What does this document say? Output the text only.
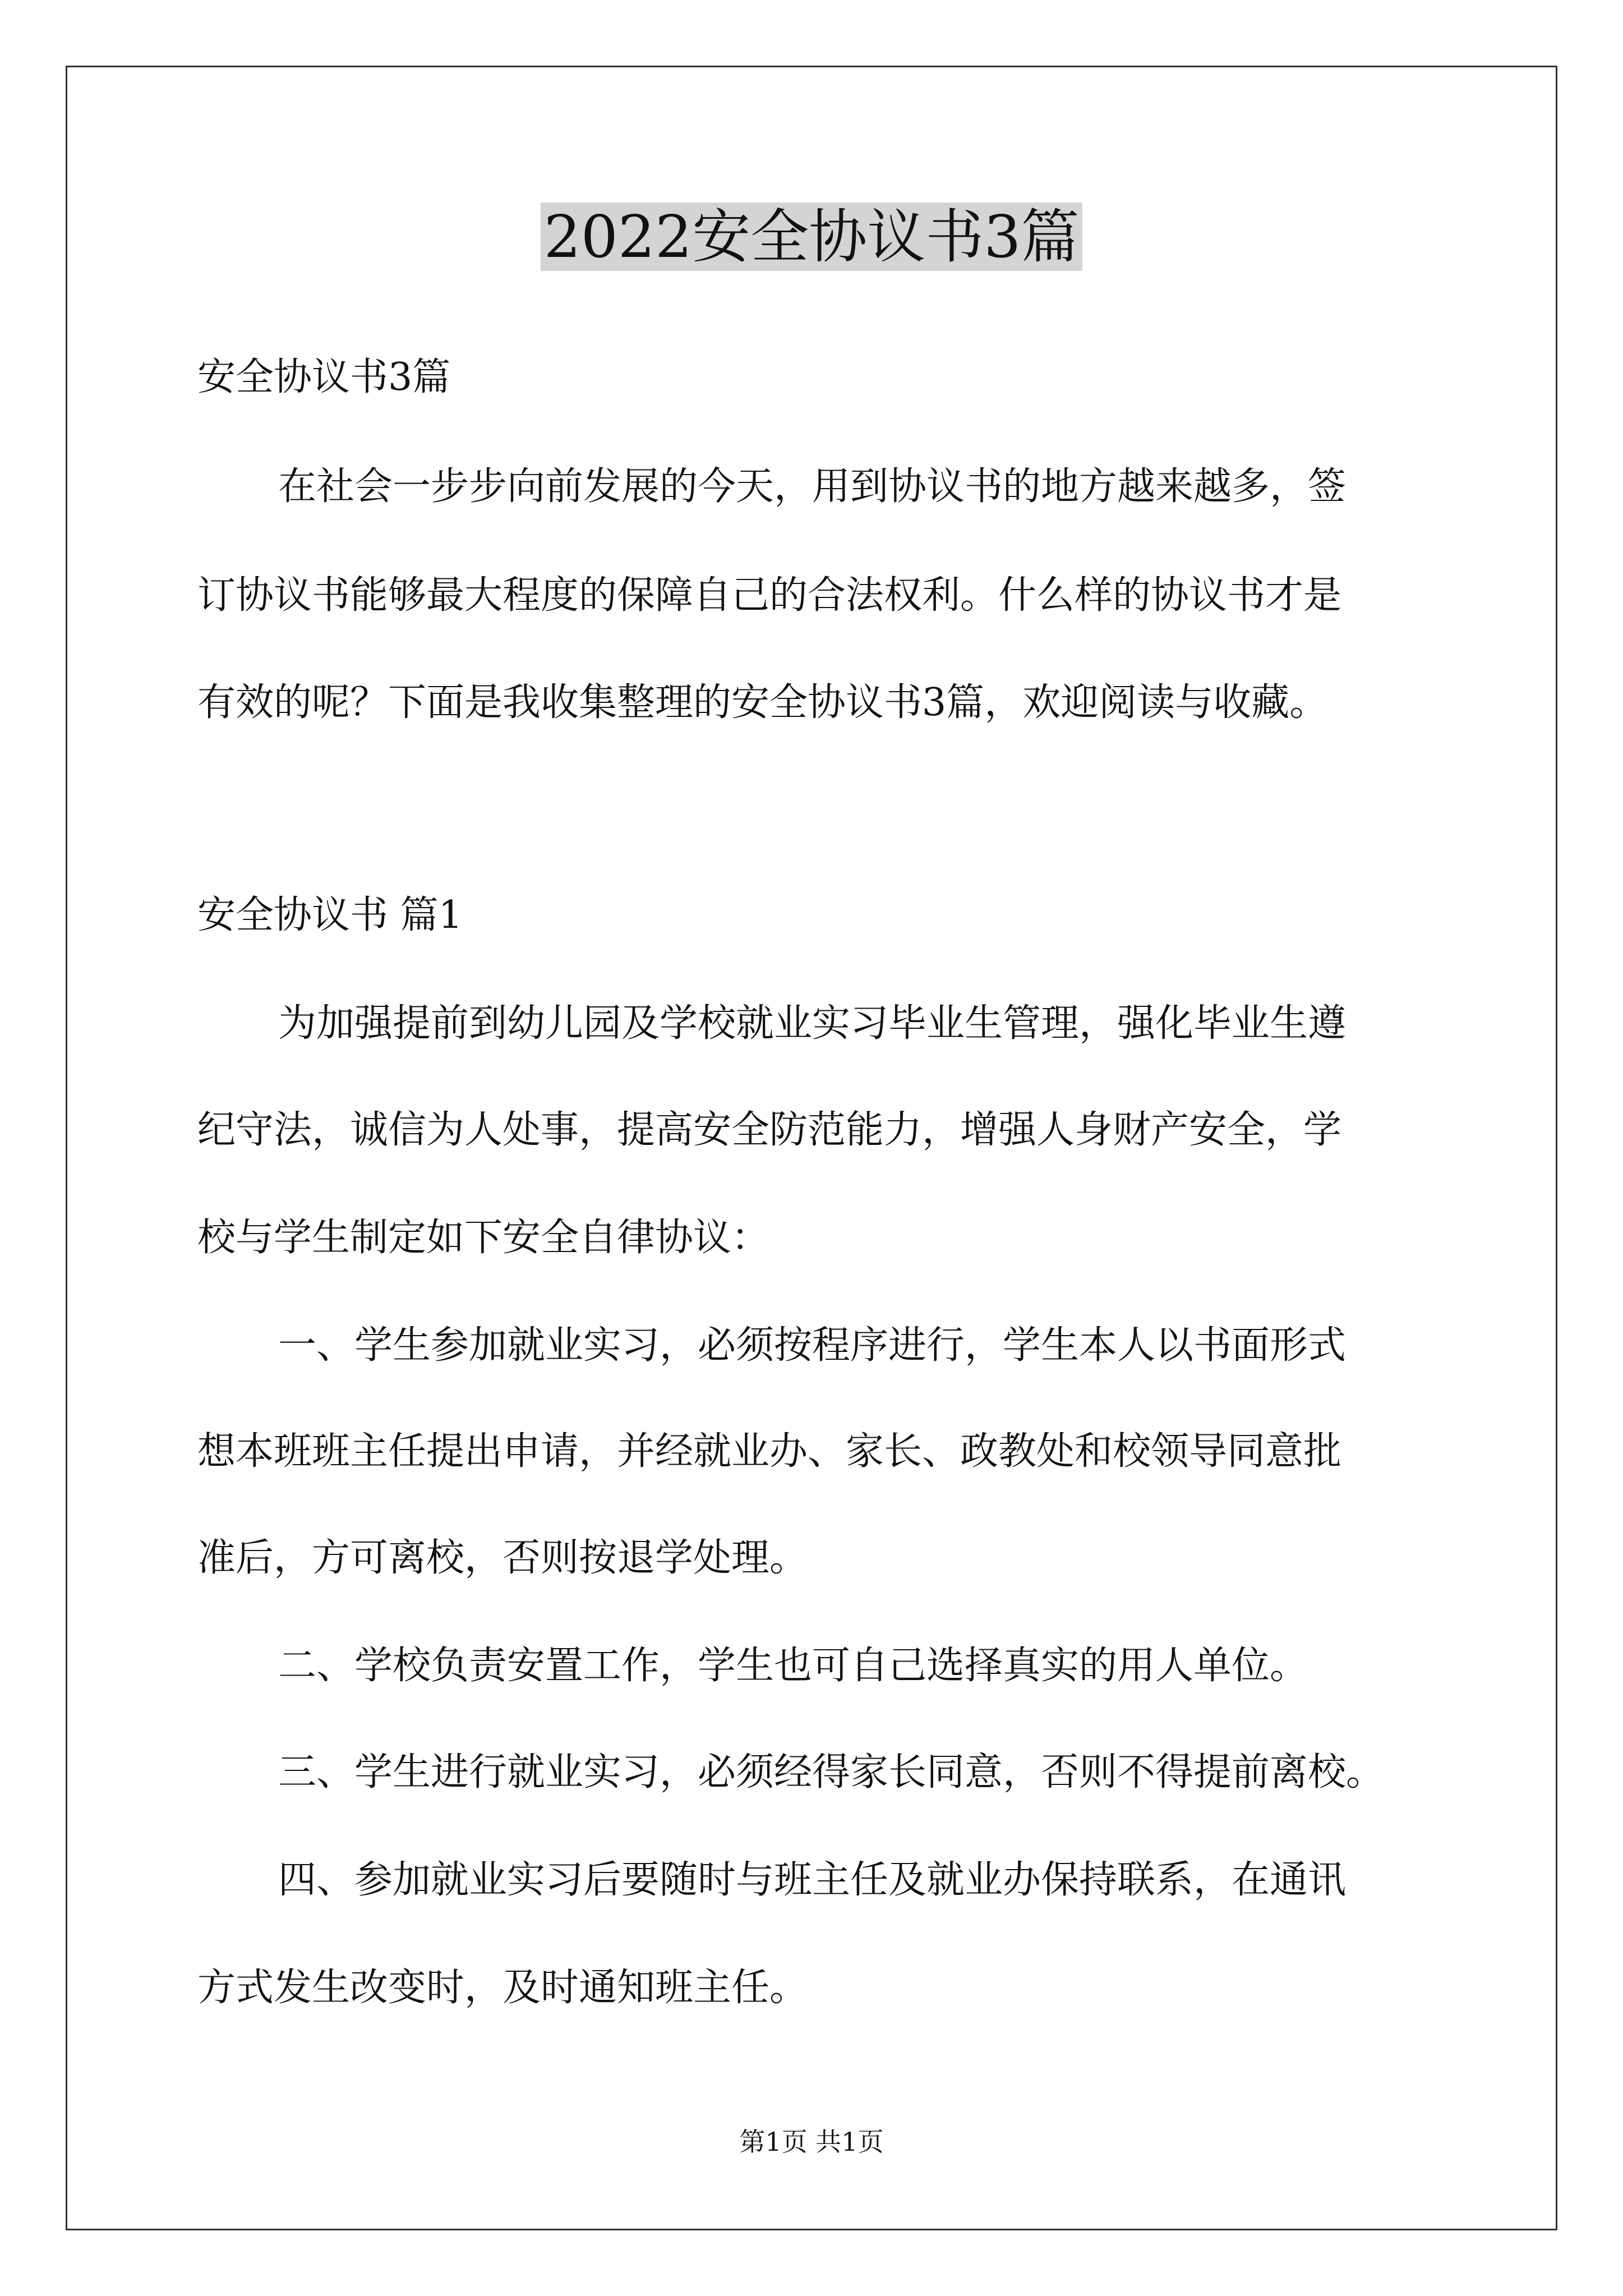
2022安全协议书3篇

安全协议书3篇

在社会一步步向前发展的今天，用到协议书的地方越来越多，签

订协议书能够最大程度的保障自己的合法权利。什么样的协议书才是

有效的呢？下面是我收集整理的安全协议书3篇，欢迎阅读与收藏。

安全协议书 篇1

为加强提前到幼儿园及学校就业实习毕业生管理，强化毕业生遵

纪守法，诚信为人处事，提高安全防范能力，增强人身财产安全，学

校与学生制定如下安全自律协议：

一、学生参加就业实习，必须按程序进行，学生本人以书面形式

想本班班主任提出申请，并经就业办、家长、政教处和校领导同意批

准后，方可离校，否则按退学处理。

二、学校负责安置工作，学生也可自己选择真实的用人单位。

三、学生进行就业实习，必须经得家长同意，否则不得提前离校。

四、参加就业实习后要随时与班主任及就业办保持联系，在通讯

方式发生改变时，及时通知班主任。

第1页 共1页
